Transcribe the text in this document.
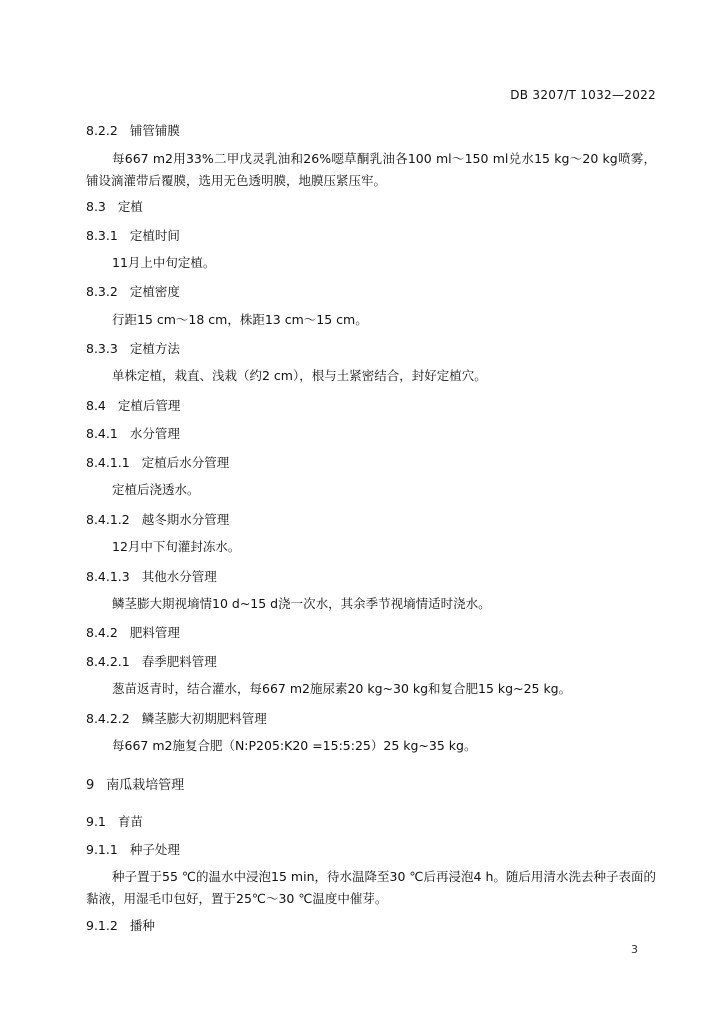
DB 3207/T 1032—2022
8.2.2 铺管铺膜
每667 m2用33%二甲戊灵乳油和26%噁草酮乳油各100 ml～150 ml兑水15 kg～20 kg喷雾，铺设滴灌带后覆膜，选用无色透明膜，地膜压紧压牢。
8.3 定植
8.3.1 定植时间
11月上中旬定植。
8.3.2 定植密度
行距15 cm～18 cm，株距13 cm～15 cm。
8.3.3 定植方法
单株定植，栽直、浅栽（约2 cm），根与土紧密结合，封好定植穴。
8.4 定植后管理
8.4.1 水分管理
8.4.1.1 定植后水分管理
定植后浇透水。
8.4.1.2 越冬期水分管理
12月中下旬灌封冻水。
8.4.1.3 其他水分管理
鳞茎膨大期视墒情10 d~15 d浇一次水，其余季节视墒情适时浇水。
8.4.2 肥料管理
8.4.2.1 春季肥料管理
葱苗返青时，结合灌水，每667 m2施尿素20 kg~30 kg和复合肥15 kg~25 kg。
8.4.2.2 鳞茎膨大初期肥料管理
每667 m2施复合肥（N:P205:K20 =15:5:25）25 kg~35 kg。
9 南瓜栽培管理
9.1 育苗
9.1.1 种子处理
种子置于55 ℃的温水中浸泡15 min，待水温降至30 ℃后再浸泡4 h。随后用清水洗去种子表面的黏液，用湿毛巾包好，置于25℃～30 ℃温度中催芽。
9.1.2 播种
3
